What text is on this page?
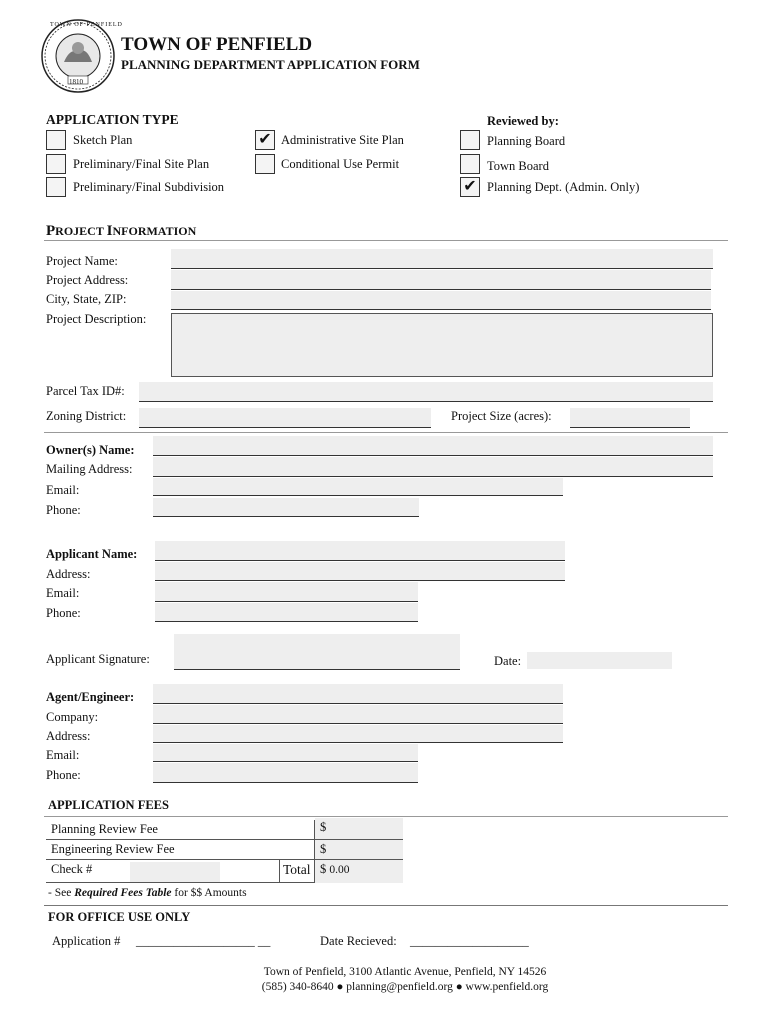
1810
TOWN OF PENFIELD
TOWN OF PENFIELD
PLANNING DEPARTMENT APPLICATION FORM
APPLICATION TYPE
Sketch Plan
Preliminary/Final Site Plan
Preliminary/Final Subdivision
✔ Administrative Site Plan
Conditional Use Permit
Reviewed by:
Planning Board
Town Board
✔ Planning Dept. (Admin. Only)
PROJECT INFORMATION
Project Name:
Project Address:
City, State, ZIP:
Project Description:
Parcel Tax ID#:
Zoning District:	Project Size (acres):
Owner(s) Name:
Mailing Address:
Email:
Phone:
Applicant Name:
Address:
Email:
Phone:
Applicant Signature:	Date:
Agent/Engineer:
Company:
Address:
Email:
Phone:
APPLICATION FEES
Planning Review Fee	$
Engineering Review Fee	$
Check #	Total $ 0.00
- See Required Fees Table for $$ Amounts
FOR OFFICE USE ONLY
Application # ___________________ __	Date Recieved: ___________________
Town of Penfield, 3100 Atlantic Avenue, Penfield, NY 14526
(585) 340-8640 ● planning@penfield.org ● www.penfield.org
